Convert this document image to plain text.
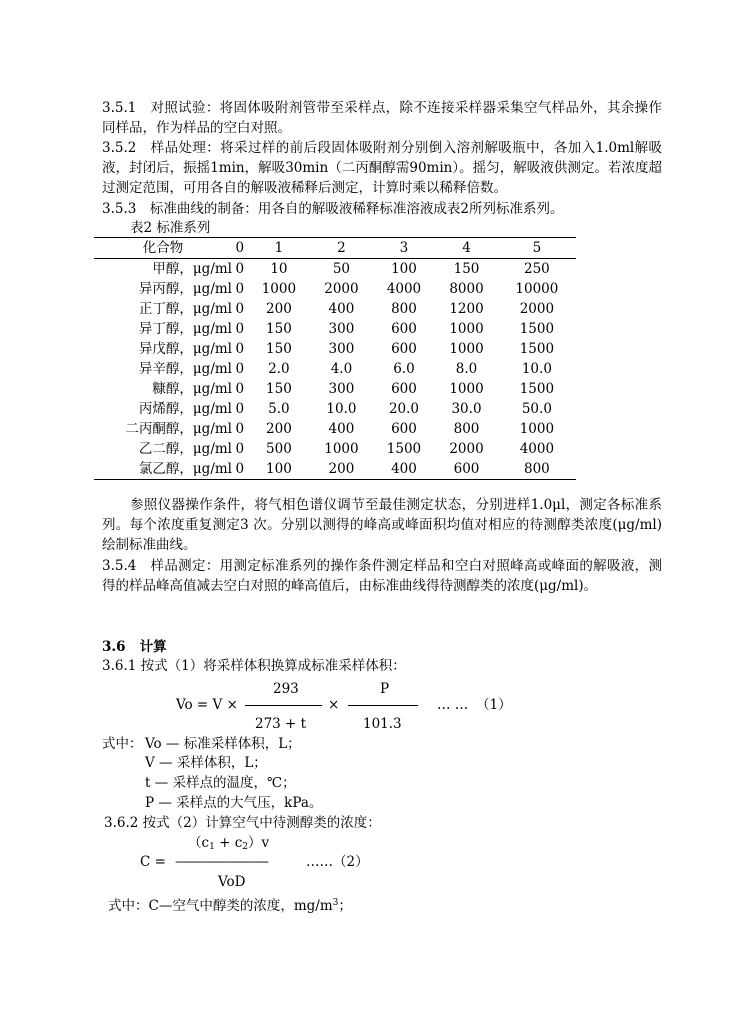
3.5.1　对照试验：将固体吸附剂管带至采样点，除不连接采样器采集空气样品外，其余操作同样品，作为样品的空白对照。
3.5.2　样品处理：将采过样的前后段固体吸附剂分别倒入溶剂解吸瓶中，各加入1.0ml解吸液，封闭后，振摇1min，解吸30min（二丙酮醇需90min）。摇匀，解吸液供测定。若浓度超过测定范围，可用各自的解吸液稀释后测定，计算时乘以稀释倍数。
3.5.3　标准曲线的制备：用各自的解吸液稀释标准溶液成表2所列标准系列。
表2 标准系列
化合物	0	1	2	3	4	5
甲醇，μg/ml	0	10	50	100	150	250
异丙醇，μg/ml	0	1000	2000	4000	8000	10000
正丁醇，μg/ml	0	200	400	800	1200	2000
异丁醇，μg/ml	0	150	300	600	1000	1500
异戊醇，μg/ml	0	150	300	600	1000	1500
异辛醇，μg/ml	0	2.0	4.0	6.0	8.0	10.0
糠醇，μg/ml	0	150	300	600	1000	1500
丙烯醇，μg/ml	0	5.0	10.0	20.0	30.0	50.0
二丙酮醇，μg/ml	0	200	400	600	800	1000
乙二醇，μg/ml	0	500	1000	1500	2000	4000
氯乙醇，μg/ml	0	100	200	400	600	800
参照仪器操作条件，将气相色谱仪调节至最佳测定状态，分别进样1.0μl，测定各标准系列。每个浓度重复测定3 次。分别以测得的峰高或峰面积均值对相应的待测醇类浓度(μg/ml)绘制标准曲线。
3.5.4　样品测定：用测定标准系列的操作条件测定样品和空白对照峰高或峰面的解吸液，测得的样品峰高值减去空白对照的峰高值后，由标准曲线得待测醇类的浓度(μg/ml)。
3.6 计算
3.6.1 按式（1）将采样体积换算成标准采样体积：
293
Vo = V ×	×
P
… … （1）
273 + t	101.3
式中： Vo — 标准采样体积，L；
V — 采样体积，L；
t — 采样点的温度，℃；
P — 采样点的大气压，kPa。
3.6.2 按式（2）计算空气中待测醇类的浓度：
$(c_1 + c_2)v$
C = ————————	……（2）
VoD
式中：C—空气中醇类的浓度，$mg/m^3$；
